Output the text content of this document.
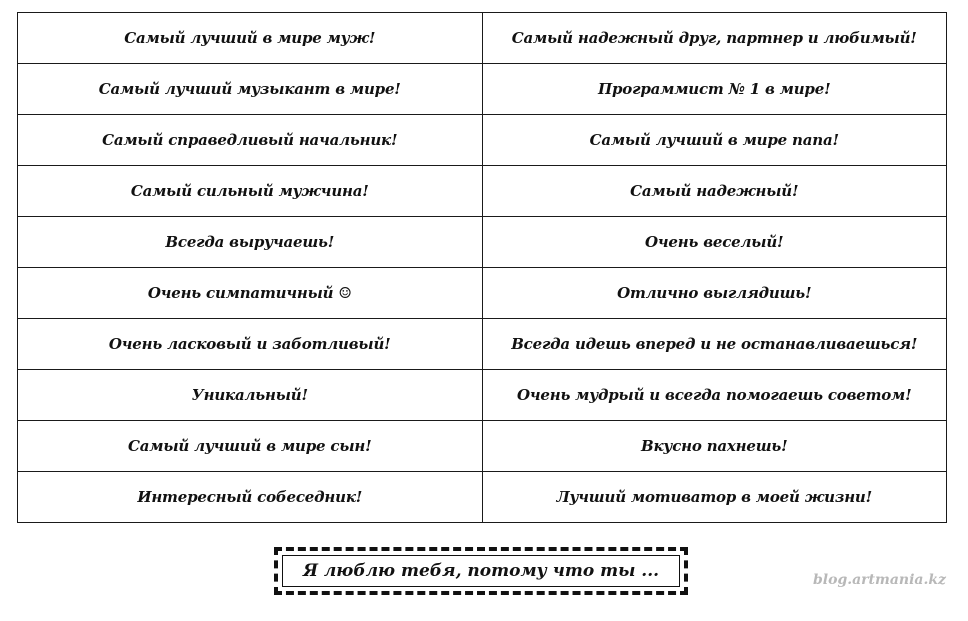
Самый лучший в мире муж!	Самый надежный друг, партнер и любимый!
Самый лучший музыкант в мире!	Программист № 1 в мире!
Самый справедливый начальник!	Самый лучший в мире папа!
Самый сильный мужчина!	Самый надежный!
Всегда выручаешь!	Очень веселый!
Очень симпатичный ☺	Отлично выглядишь!
Очень ласковый и заботливый!	Всегда идешь вперед и не останавливаешься!
Уникальный!	Очень мудрый и всегда помогаешь советом!
Самый лучший в мире сын!	Вкусно пахнешь!
Интересный собеседник!	Лучший мотиватор в моей жизни!
Я люблю тебя, потому что ты ...	blog.artmania.kz
